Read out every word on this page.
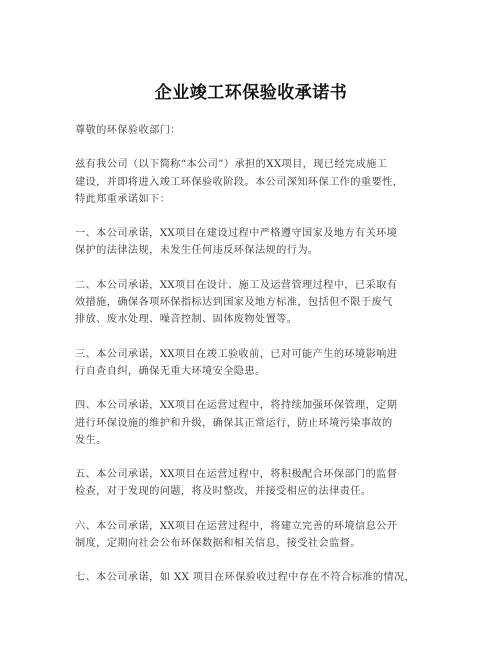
企业竣工环保验收承诺书

尊敬的环保验收部门：

兹有我公司（以下简称“本公司”）承担的XX项目，现已经完成施工
建设，并即将进入竣工环保验收阶段。本公司深知环保工作的重要性，
特此郑重承诺如下：

一、本公司承诺，XX项目在建设过程中严格遵守国家及地方有关环境
保护的法律法规，未发生任何违反环保法规的行为。

二、本公司承诺，XX项目在设计、施工及运营管理过程中，已采取有
效措施，确保各项环保指标达到国家及地方标准，包括但不限于废气
排放、废水处理、噪音控制、固体废物处置等。

三、本公司承诺，XX项目在竣工验收前，已对可能产生的环境影响进
行自查自纠，确保无重大环境安全隐患。

四、本公司承诺，XX项目在运营过程中，将持续加强环保管理，定期
进行环保设施的维护和升级，确保其正常运行，防止环境污染事故的
发生。

五、本公司承诺，XX项目在运营过程中，将积极配合环保部门的监督
检查，对于发现的问题，将及时整改，并接受相应的法律责任。

六、本公司承诺，XX项目在运营过程中，将建立完善的环境信息公开
制度，定期向社会公布环保数据和相关信息，接受社会监督。

七、本公司承诺，如 XX 项目在环保验收过程中存在不符合标准的情况，
